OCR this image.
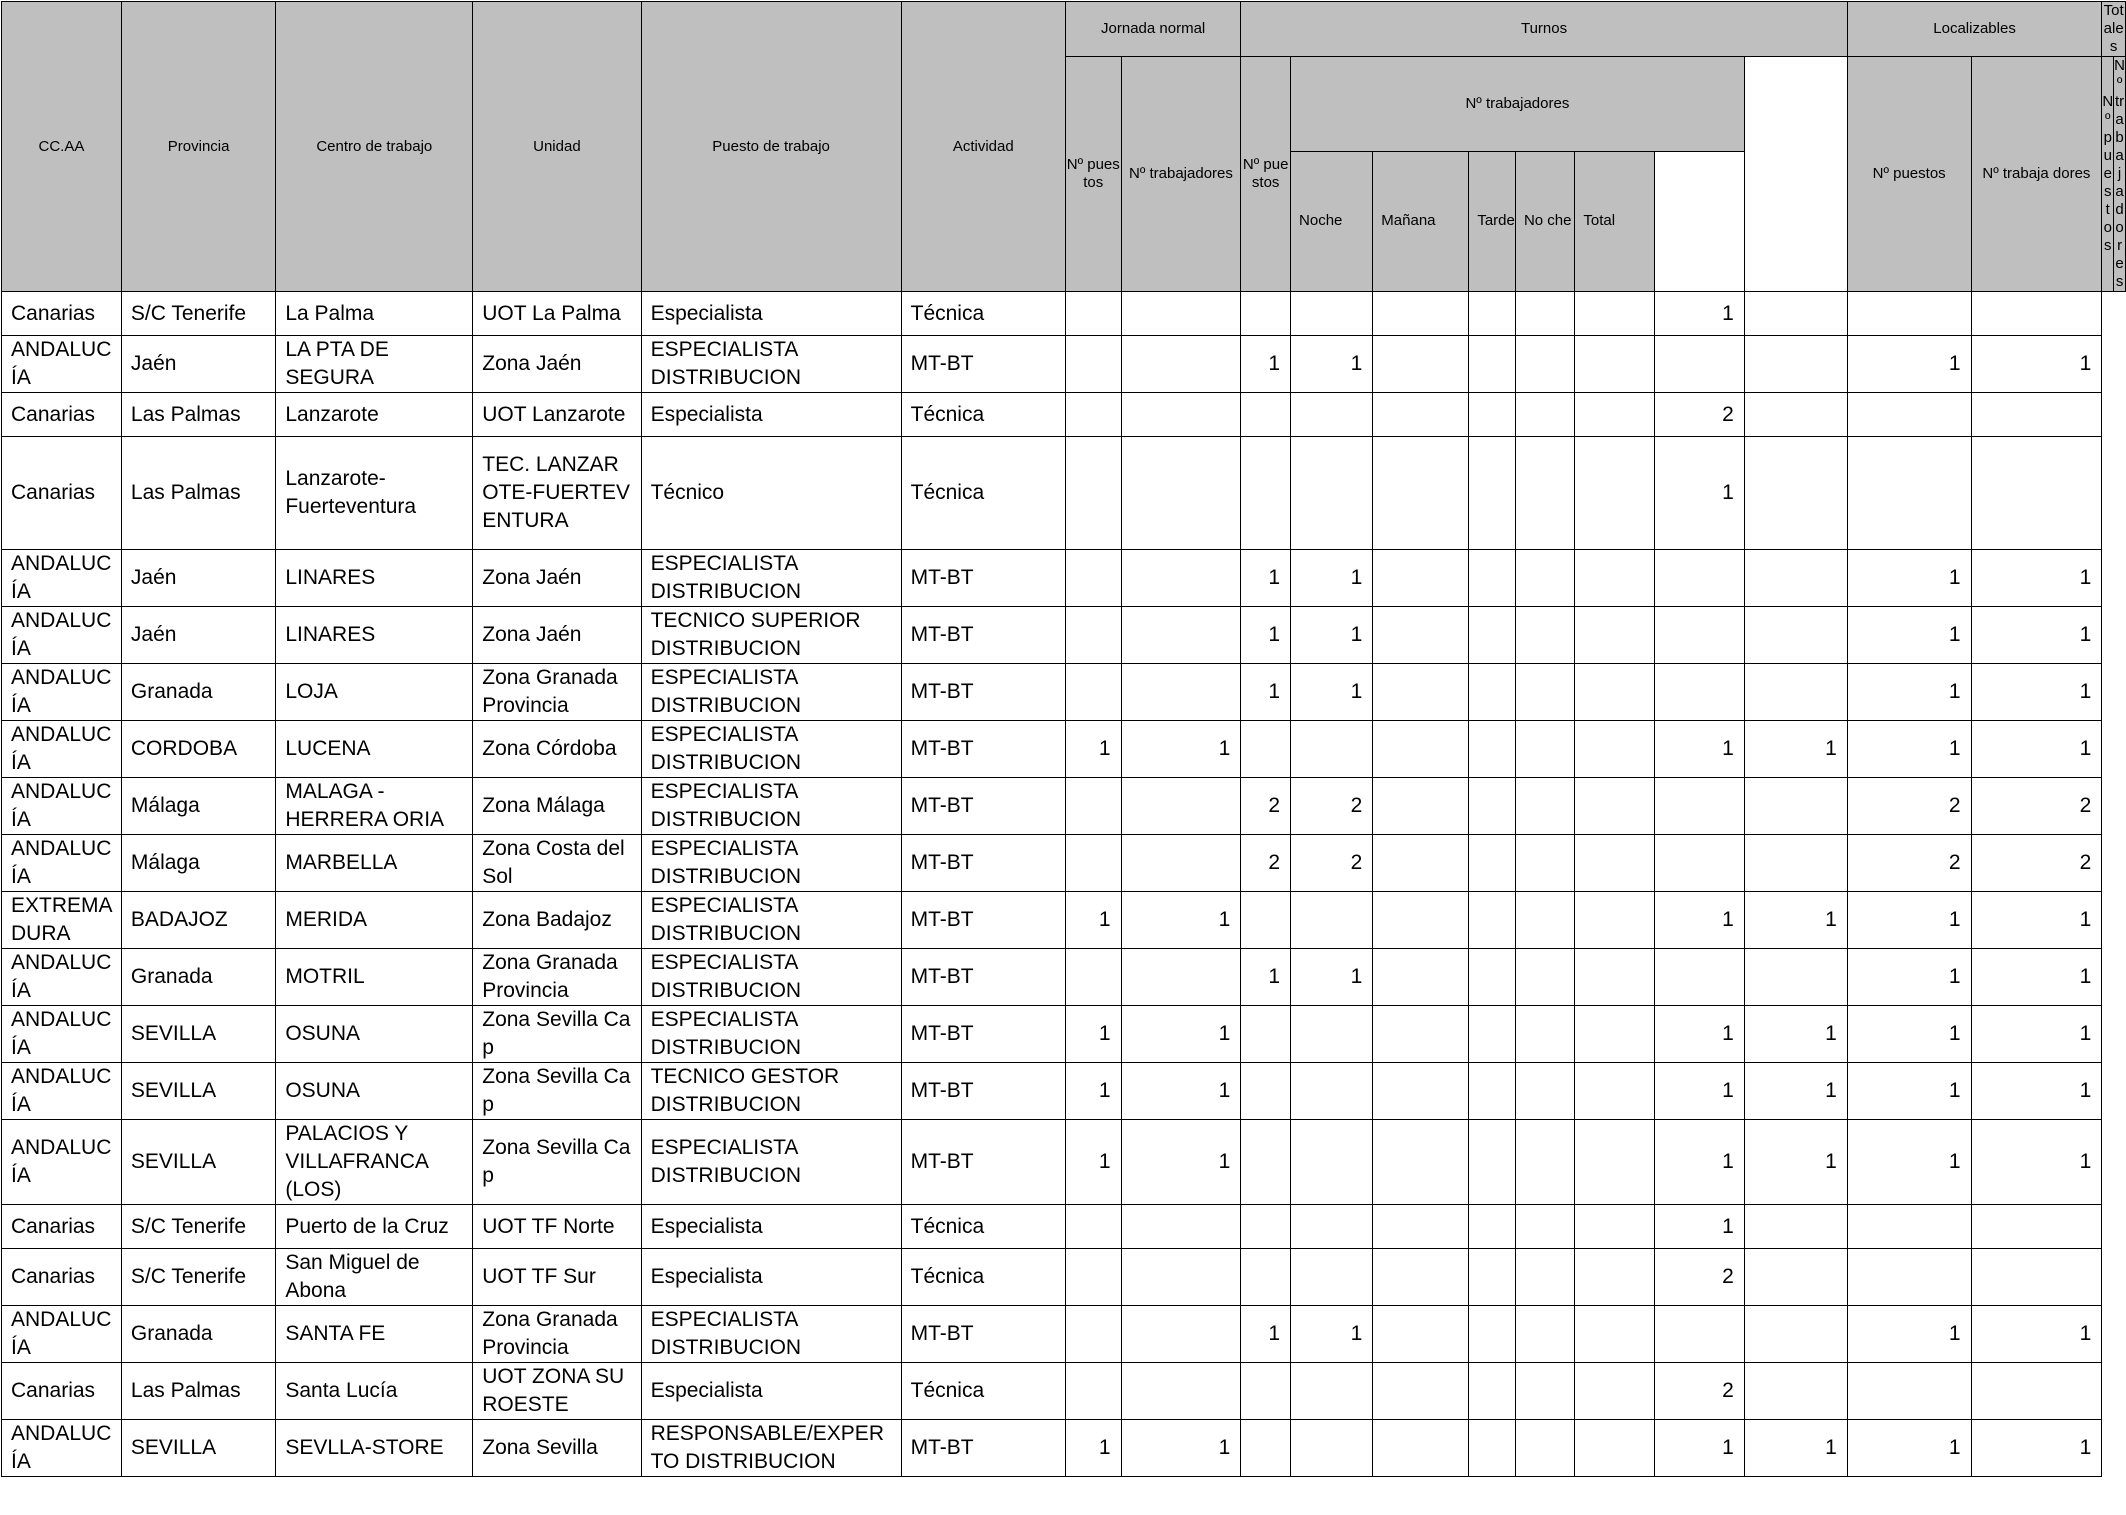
CC.AA	Provincia	Centro de trabajo	Unidad	Puesto de trabajo	Actividad	Jornada normal		Turnos								Localizables		Totales	
						Nº puestos	Nº trabajadores	Nº puestos	Nº trabajadores							Nº puestos	Nº trabaja dores	Nº puestos	Nº trabajadores
									Noche	Mañana	Tarde	No che	Total						
Canarias	S/C Tenerife	La Palma	UOT La Palma	Especialista	Técnica									1					
ANDALUCÍA	Jaén	LA PTA DE SEGURA	Zona Jaén	ESPECIALISTA DISTRIBUCION	MT-BT			1	1							1	1		
Canarias	Las Palmas	Lanzarote	UOT Lanzarote	Especialista	Técnica									2					
Canarias	Las Palmas	Lanzarote-Fuerteventura	TEC. LANZAROTE-FUERTEVENTURA	Técnico	Técnica									1					
ANDALUCÍA	Jaén	LINARES	Zona Jaén	ESPECIALISTA DISTRIBUCION	MT-BT			1	1							1	1		
ANDALUCÍA	Jaén	LINARES	Zona Jaén	TECNICO SUPERIOR DISTRIBUCION	MT-BT			1	1							1	1		
ANDALUCÍA	Granada	LOJA	Zona Granada Provincia	ESPECIALISTA DISTRIBUCION	MT-BT			1	1							1	1		
ANDALUCÍA	CORDOBA	LUCENA	Zona Córdoba	ESPECIALISTA DISTRIBUCION	MT-BT	1	1							1	1	1	1		
ANDALUCÍA	Málaga	MALAGA - HERRERA ORIA	Zona Málaga	ESPECIALISTA DISTRIBUCION	MT-BT			2	2							2	2		
ANDALUCÍA	Málaga	MARBELLA	Zona Costa del Sol	ESPECIALISTA DISTRIBUCION	MT-BT			2	2							2	2		
EXTREMADURA	BADAJOZ	MERIDA	Zona Badajoz	ESPECIALISTA DISTRIBUCION	MT-BT	1	1							1	1	1	1		
ANDALUCÍA	Granada	MOTRIL	Zona Granada Provincia	ESPECIALISTA DISTRIBUCION	MT-BT			1	1							1	1		
ANDALUCÍA	SEVILLA	OSUNA	Zona Sevilla Cap	ESPECIALISTA DISTRIBUCION	MT-BT	1	1							1	1	1	1		
ANDALUCÍA	SEVILLA	OSUNA	Zona Sevilla Cap	TECNICO GESTOR DISTRIBUCION	MT-BT	1	1							1	1	1	1		
ANDALUCÍA	SEVILLA	PALACIOS Y VILLAFRANCA (LOS)	Zona Sevilla Cap	ESPECIALISTA DISTRIBUCION	MT-BT	1	1							1	1	1	1		
Canarias	S/C Tenerife	Puerto de la Cruz	UOT TF Norte	Especialista	Técnica									1					
Canarias	S/C Tenerife	San Miguel de Abona	UOT TF Sur	Especialista	Técnica									2					
ANDALUCÍA	Granada	SANTA FE	Zona Granada Provincia	ESPECIALISTA DISTRIBUCION	MT-BT			1	1							1	1		
Canarias	Las Palmas	Santa Lucía	UOT ZONA SUROESTE	Especialista	Técnica									2					
ANDALUCÍA	SEVILLA	SEVLLA-STORE	Zona Sevilla	RESPONSABLE/EXPERTO DISTRIBUCION	MT-BT	1	1							1	1	1	1		
